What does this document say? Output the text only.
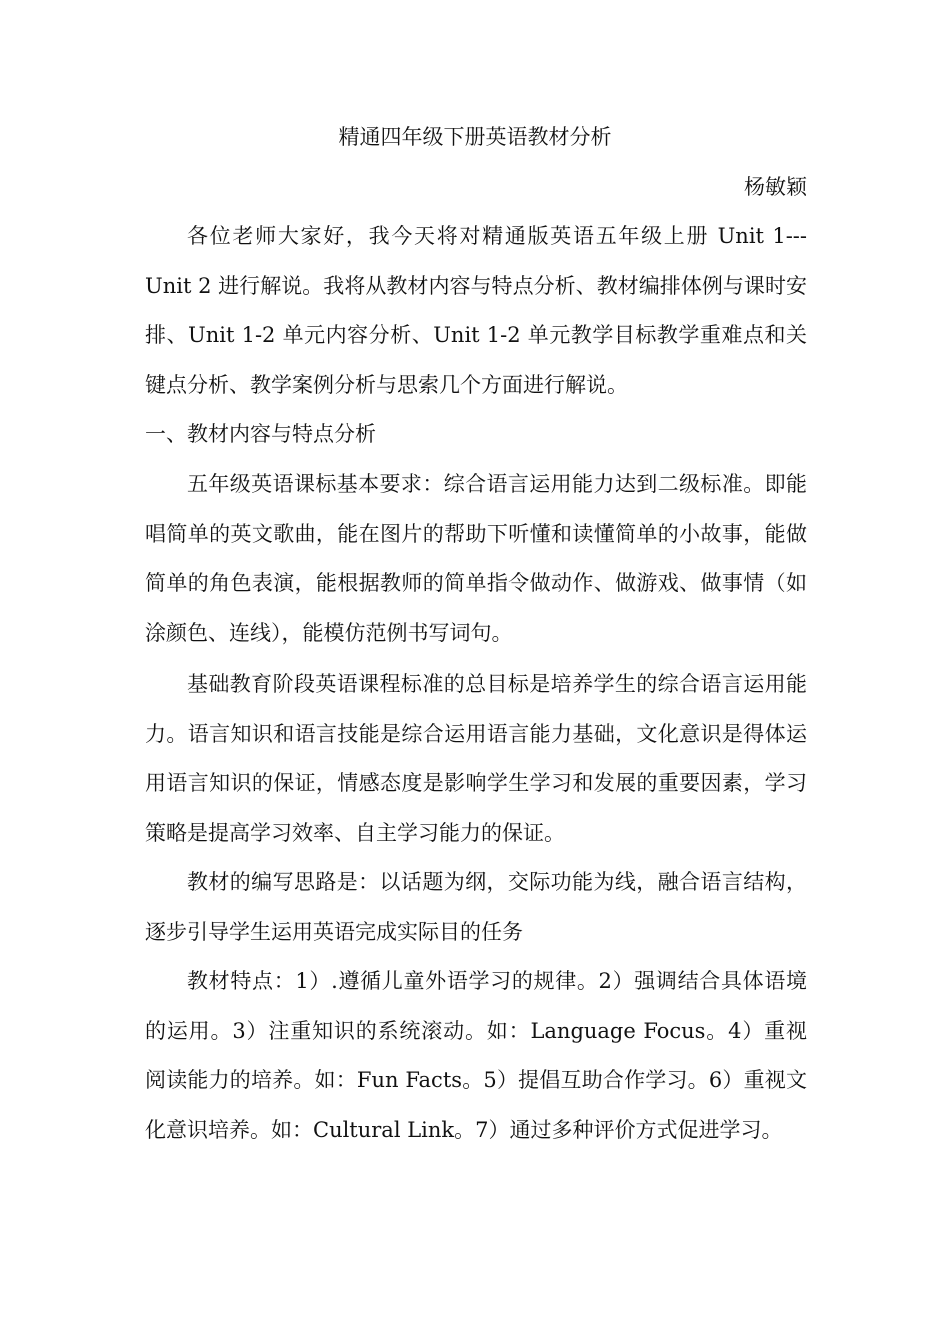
精通四年级下册英语教材分析
杨敏颖

各位老师大家好，我今天将对精通版英语五年级上册 Unit 1---Unit 2 进行解说。我将从教材内容与特点分析、教材编排体例与课时安排、Unit 1-2 单元内容分析、Unit 1-2 单元教学目标教学重难点和关键点分析、教学案例分析与思索几个方面进行解说。

一、教材内容与特点分析

五年级英语课标基本要求：综合语言运用能力达到二级标准。即能唱简单的英文歌曲，能在图片的帮助下听懂和读懂简单的小故事，能做简单的角色表演，能根据教师的简单指令做动作、做游戏、做事情（如涂颜色、连线），能模仿范例书写词句。

基础教育阶段英语课程标准的总目标是培养学生的综合语言运用能力。语言知识和语言技能是综合运用语言能力基础，文化意识是得体运用语言知识的保证，情感态度是影响学生学习和发展的重要因素，学习策略是提高学习效率、自主学习能力的保证。

教材的编写思路是：以话题为纲，交际功能为线，融合语言结构，逐步引导学生运用英语完成实际目的任务

教材特点：1）.遵循儿童外语学习的规律。2）强调结合具体语境 的运用。3）注重知识的系统滚动。如：Language Focus。4）重视阅读能力的培养。如：Fun Facts。5）提倡互助合作学习。6）重视文化意识培养。如：Cultural Link。7）通过多种评价方式促进学习。
